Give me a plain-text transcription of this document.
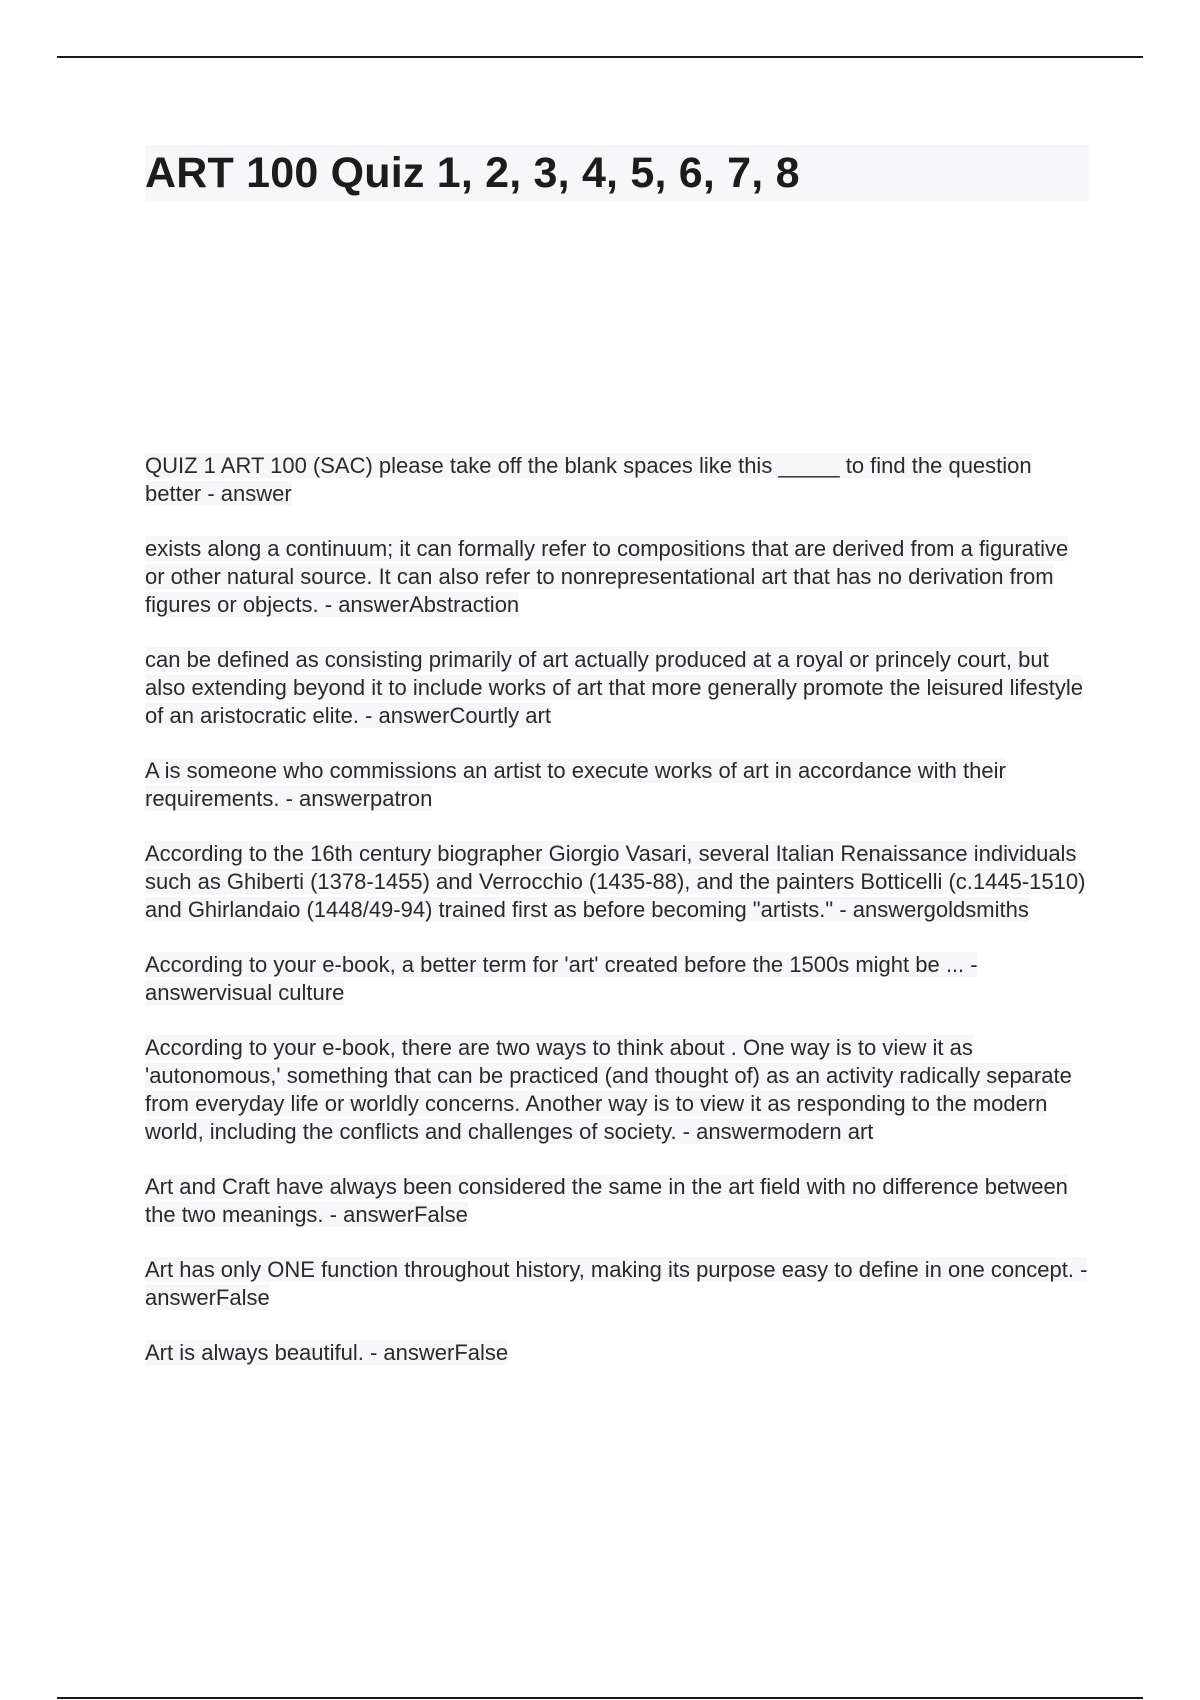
ART 100 Quiz 1, 2, 3, 4, 5, 6, 7, 8

QUIZ 1 ART 100 (SAC) please take off the blank spaces like this _____ to find the question better - answer

exists along a continuum; it can formally refer to compositions that are derived from a figurative or other natural source. It can also refer to nonrepresentational art that has no derivation from figures or objects. - answerAbstraction

can be defined as consisting primarily of art actually produced at a royal or princely court, but also extending beyond it to include works of art that more generally promote the leisured lifestyle of an aristocratic elite. - answerCourtly art

A is someone who commissions an artist to execute works of art in accordance with their requirements. - answerpatron

According to the 16th century biographer Giorgio Vasari, several Italian Renaissance individuals such as Ghiberti (1378-1455) and Verrocchio (1435-88), and the painters Botticelli (c.1445-1510) and Ghirlandaio (1448/49-94) trained first as before becoming "artists." - answergoldsmiths

According to your e-book, a better term for 'art' created before the 1500s might be ... - answervisual culture

According to your e-book, there are two ways to think about . One way is to view it as 'autonomous,' something that can be practiced (and thought of) as an activity radically separate from everyday life or worldly concerns. Another way is to view it as responding to the modern world, including the conflicts and challenges of society. - answermodern art

Art and Craft have always been considered the same in the art field with no difference between the two meanings. - answerFalse

Art has only ONE function throughout history, making its purpose easy to define in one concept. - answerFalse

Art is always beautiful. - answerFalse
